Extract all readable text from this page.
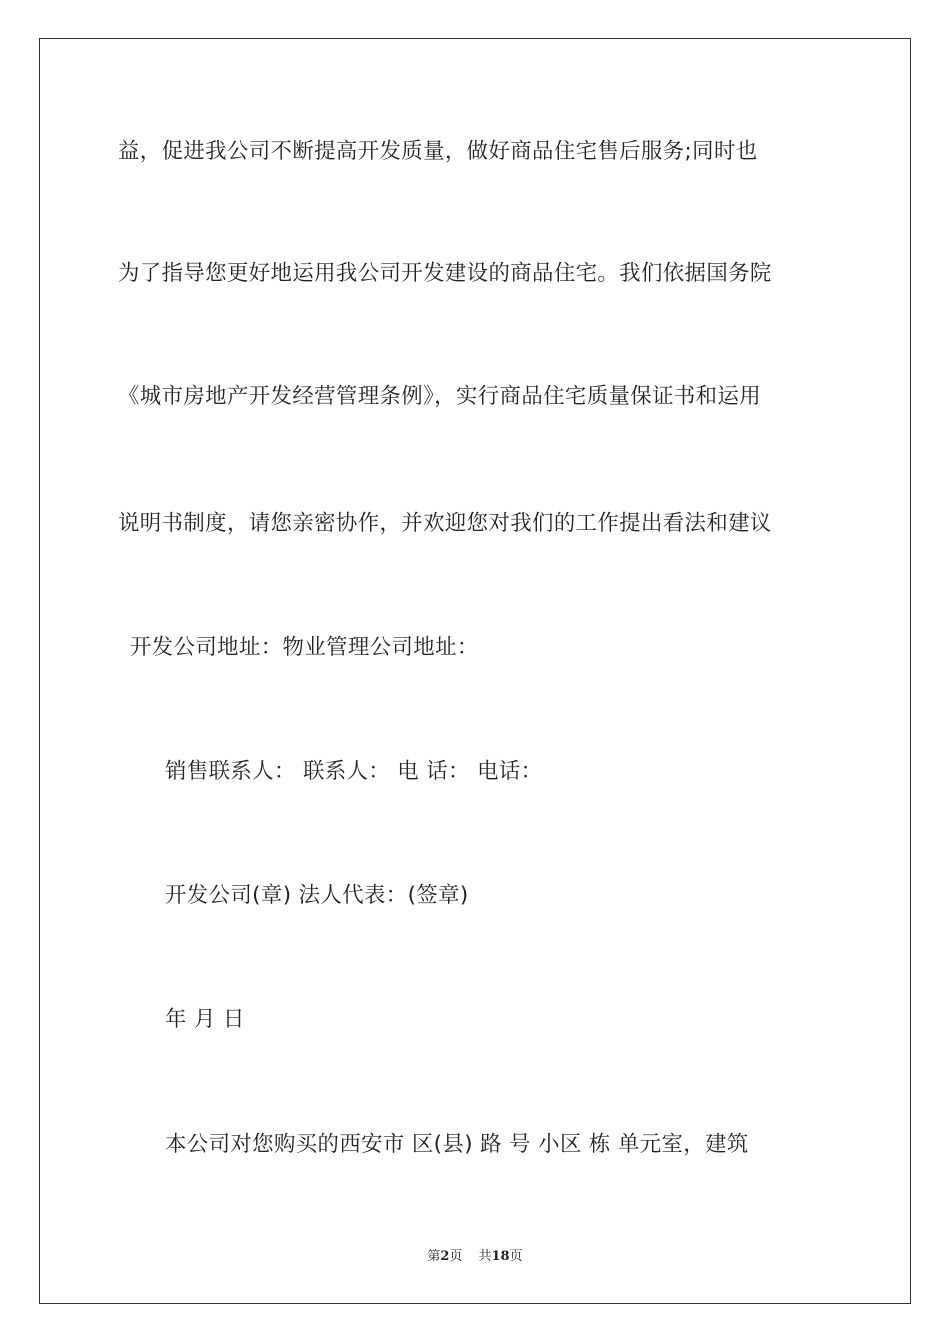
益，促进我公司不断提高开发质量，做好商品住宅售后服务;同时也
为了指导您更好地运用我公司开发建设的商品住宅。我们依据国务院
《城市房地产开发经营管理条例》，实行商品住宅质量保证书和运用
说明书制度，请您亲密协作，并欢迎您对我们的工作提出看法和建议
开发公司地址：物业管理公司地址：
销售联系人： 联系人： 电 话： 电话：
开发公司(章) 法人代表：(签章)
年 月 日
本公司对您购买的西安市 区(县) 路 号 小区 栋 单元室，建筑
第2页 共18页
